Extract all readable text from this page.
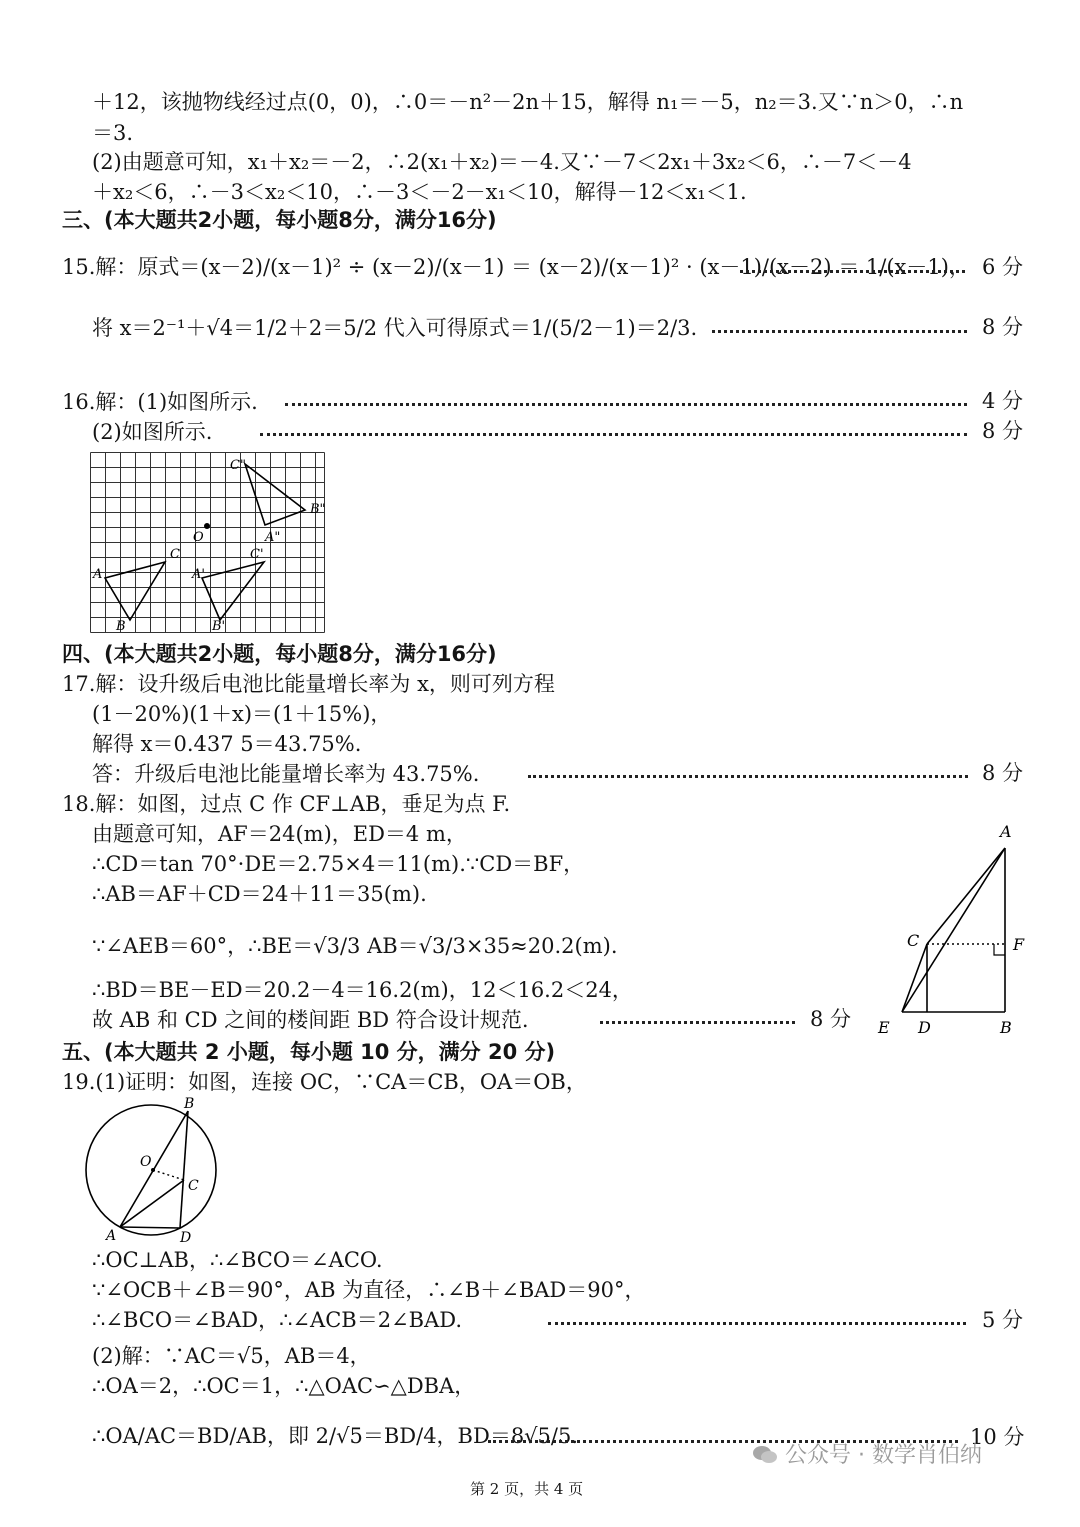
＋12，该抛物线经过点(0，0)，∴0＝－n²－2n＋15，解得 n₁＝－5，n₂＝3.又∵n＞0，∴n
＝3.
(2)由题意可知，x₁＋x₂＝－2，∴2(x₁＋x₂)＝－4.又∵－7＜2x₁＋3x₂＜6，∴－7＜－4
＋x₂＜6，∴－3＜x₂＜10，∴－3＜－2－x₁＜10，解得－12＜x₁＜1.
三、(本大题共2小题，每小题8分，满分16分)
15.解：原式＝(x－2)/(x－1)² ÷ (x－2)/(x－1) ＝ (x－2)/(x－1)² · (x－1)/(x－2) ＝ 1/(x－1)， 6 分
将 x＝2⁻¹＋√4＝1/2＋2＝5/2 代入可得原式＝1/(5/2－1)＝2/3.	8 分
16.解：(1)如图所示.	4 分
(2)如图所示.	8 分
C"
B"
O
C	C'
A"
A	A'
B	B'
四、(本大题共2小题，每小题8分，满分16分)
17.解：设升级后电池比能量增长率为 x，则可列方程
(1－20%)(1＋x)＝(1＋15%)，
解得 x＝0.437 5＝43.75%.
答：升级后电池比能量增长率为 43.75%.	8 分
18.解：如图，过点 C 作 CF⊥AB，垂足为点 F.
由题意可知，AF＝24(m)，ED＝4 m，
∴CD＝tan 70°·DE＝2.75×4＝11(m).∵CD＝BF，
∴AB＝AF＋CD＝24＋11＝35(m).
∵∠AEB＝60°，∴BE＝√3/3 AB＝√3/3×35≈20.2(m).
∴BD＝BE－ED＝20.2－4＝16.2(m)，12＜16.2＜24，
故 AB 和 CD 之间的楼间距 BD 符合设计规范.	8 分
A
C	F
E D	B
五、(本大题共 2 小题，每小题 10 分，满分 20 分)
19.(1)证明：如图，连接 OC，∵CA＝CB，OA＝OB，
B
O
C
A	D
∴OC⊥AB，∴∠BCO＝∠ACO.
∵∠OCB＋∠B＝90°，AB 为直径，∴∠B＋∠BAD＝90°，
∴∠BCO＝∠BAD，∴∠ACB＝2∠BAD.	5 分
(2)解：∵AC＝√5，AB＝4，
∴OA＝2，∴OC＝1，∴△OAC∽△DBA，
∴OA/AC＝BD/AB，即 2/√5＝BD/4，BD＝8√5/5.	10 分
第 2 页，共 4 页
公众号 · 数学肖伯纳
